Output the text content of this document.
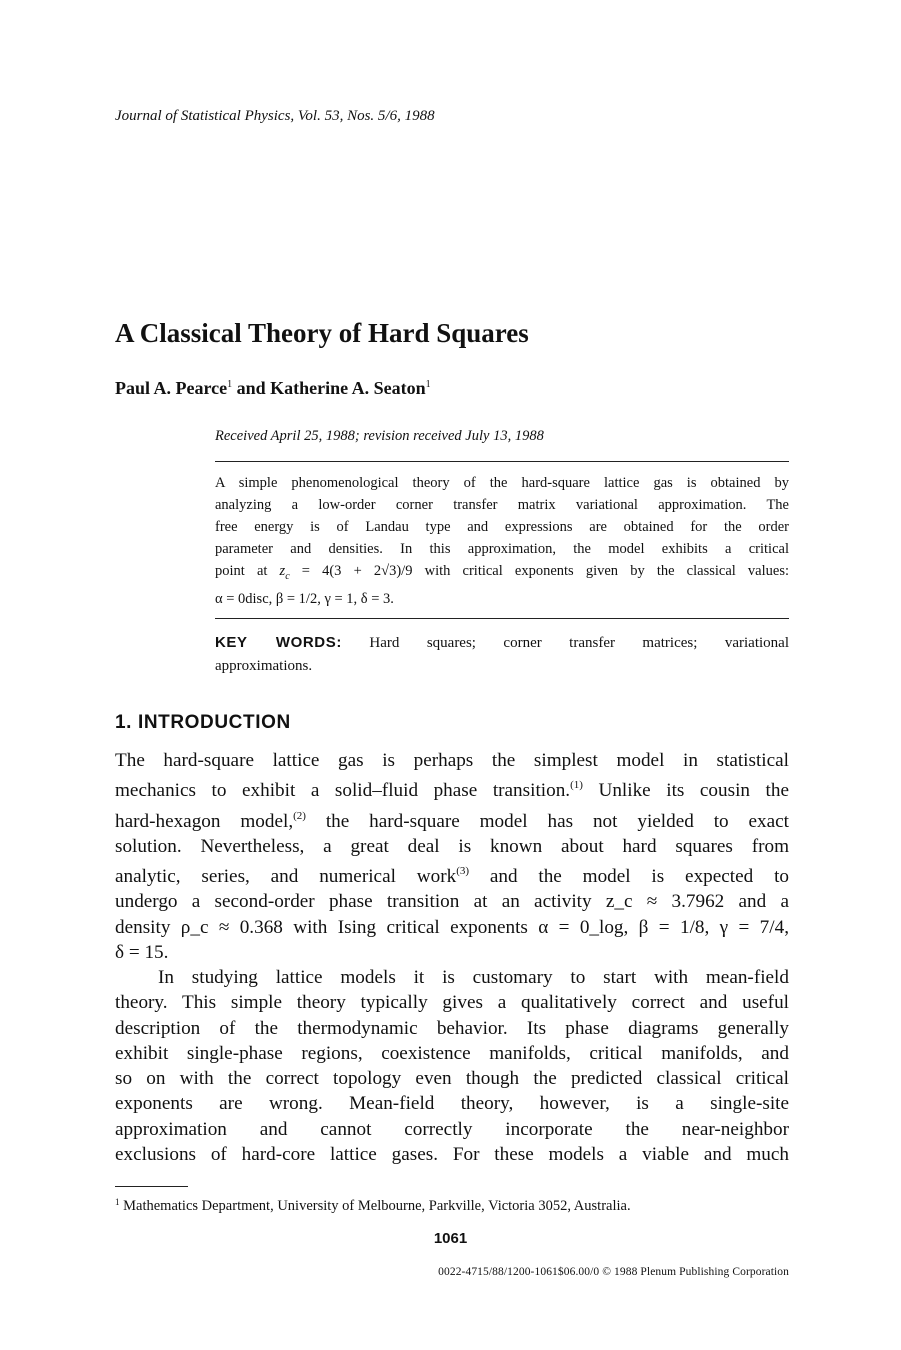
Journal of Statistical Physics, Vol. 53, Nos. 5/6, 1988
A Classical Theory of Hard Squares
Paul A. Pearce$^1$ and Katherine A. Seaton$^1$
Received April 25, 1988; revision received July 13, 1988
A simple phenomenological theory of the hard-square lattice gas is obtained by
analyzing a low-order corner transfer matrix variational approximation. The
free energy is of Landau type and expressions are obtained for the order
parameter and densities. In this approximation, the model exhibits a critical
point at $z_c = 4(3 + 2√3)/9$ with critical exponents given by the classical values:
α = 0disc, β = 1/2, γ = 1, δ = 3.
KEY WORDS: Hard squares; corner transfer matrices; variational
approximations.
1. INTRODUCTION
The hard-square lattice gas is perhaps the simplest model in statistical
mechanics to exhibit a solid–fluid phase transition.$^{(1)}$ Unlike its cousin the
hard-hexagon model,$^{(2)}$ the hard-square model has not yielded to exact
solution. Nevertheless, a great deal is known about hard squares from
analytic, series, and numerical work$^{(3)}$ and the model is expected to
undergo a second-order phase transition at an activity z_c ≈ 3.7962 and a
density ρ_c ≈ 0.368 with Ising critical exponents α = 0_log, β = 1/8, γ = 7/4,
δ = 15.
In studying lattice models it is customary to start with mean-field
theory. This simple theory typically gives a qualitatively correct and useful
description of the thermodynamic behavior. Its phase diagrams generally
exhibit single-phase regions, coexistence manifolds, critical manifolds, and
so on with the correct topology even though the predicted classical critical
exponents are wrong. Mean-field theory, however, is a single-site
approximation and cannot correctly incorporate the near-neighbor
exclusions of hard-core lattice gases. For these models a viable and much
$^1$ Mathematics Department, University of Melbourne, Parkville, Victoria 3052, Australia.
1061
0022-4715/88/1200-1061$06.00/0 © 1988 Plenum Publishing Corporation
